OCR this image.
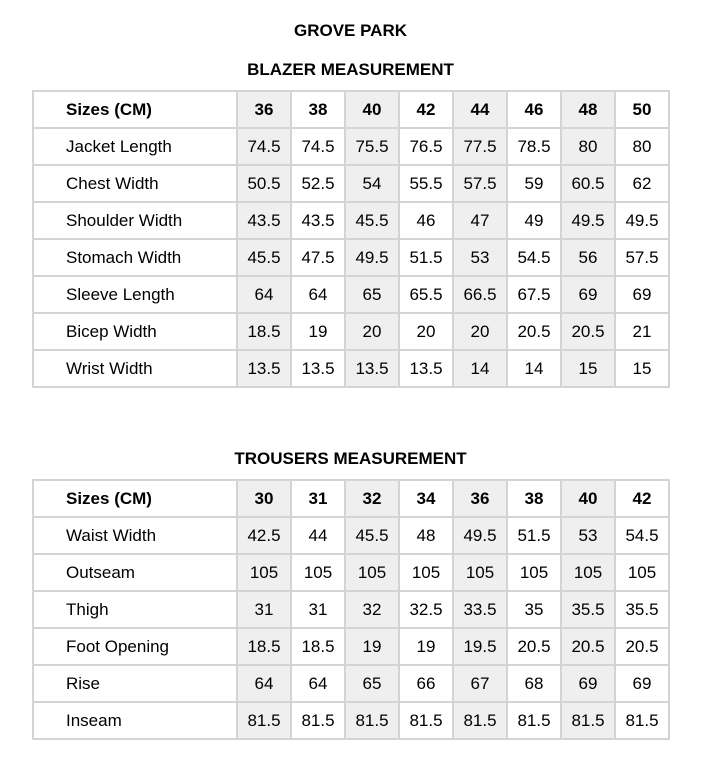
GROVE PARK
BLAZER MEASUREMENT
Sizes (CM)	36	38	40	42	44	46	48	50
Jacket Length	74.5	74.5	75.5	76.5	77.5	78.5	80	80
Chest Width	50.5	52.5	54	55.5	57.5	59	60.5	62
Shoulder Width	43.5	43.5	45.5	46	47	49	49.5	49.5
Stomach Width	45.5	47.5	49.5	51.5	53	54.5	56	57.5
Sleeve Length	64	64	65	65.5	66.5	67.5	69	69
Bicep Width	18.5	19	20	20	20	20.5	20.5	21
Wrist Width	13.5	13.5	13.5	13.5	14	14	15	15
TROUSERS MEASUREMENT
Sizes (CM)	30	31	32	34	36	38	40	42
Waist Width	42.5	44	45.5	48	49.5	51.5	53	54.5
Outseam	105	105	105	105	105	105	105	105
Thigh	31	31	32	32.5	33.5	35	35.5	35.5
Foot Opening	18.5	18.5	19	19	19.5	20.5	20.5	20.5
Rise	64	64	65	66	67	68	69	69
Inseam	81.5	81.5	81.5	81.5	81.5	81.5	81.5	81.5
